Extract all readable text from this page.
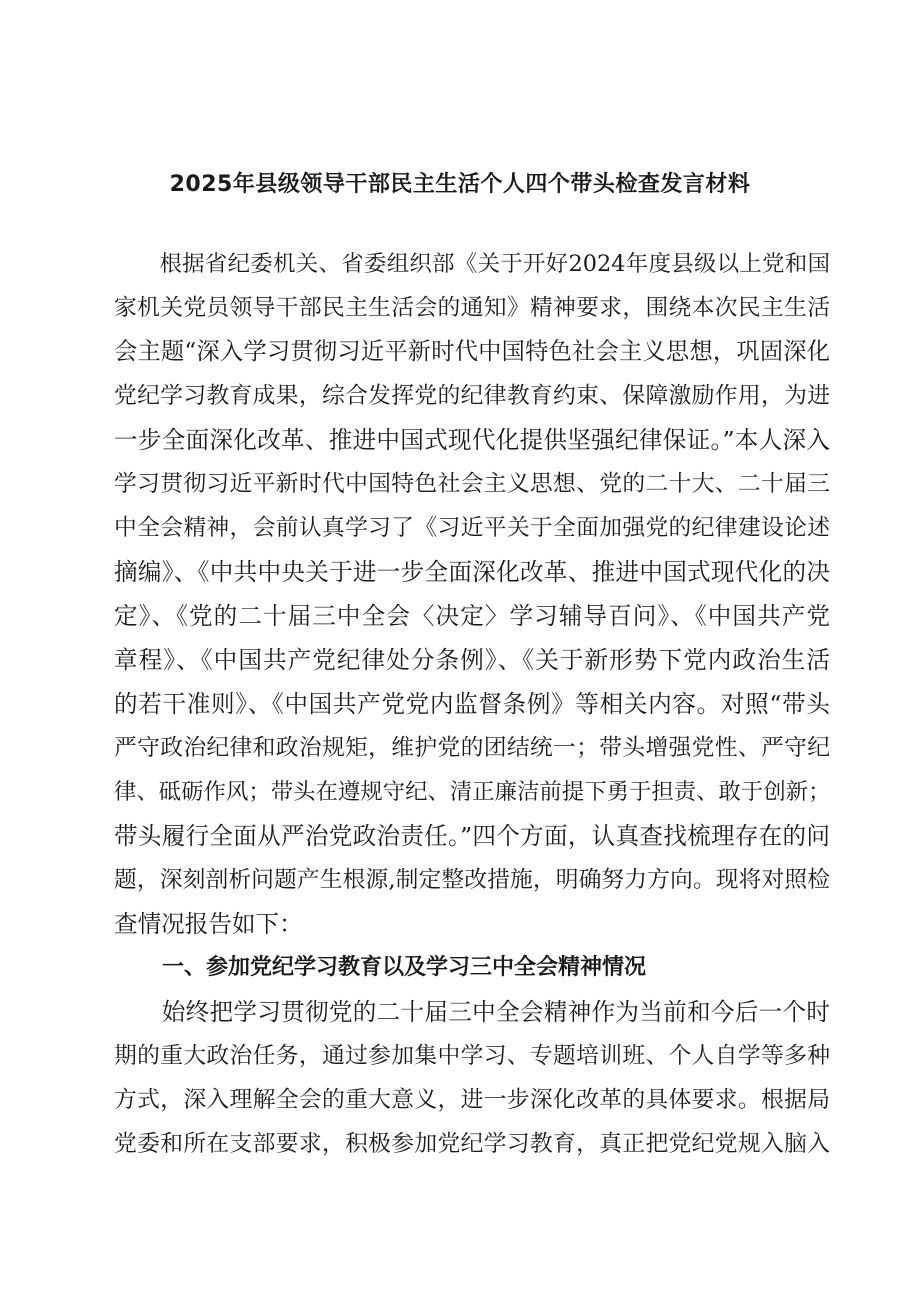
2025年县级领导干部民主生活个人四个带头检查发言材料
　　根据省纪委机关、省委组织部《关于开好2024年度县级以上党和国
家机关党员领导干部民主生活会的通知》精神要求，围绕本次民主生活
会主题“深入学习贯彻习近平新时代中国特色社会主义思想，巩固深化
党纪学习教育成果，综合发挥党的纪律教育约束、保障激励作用，为进
一步全面深化改革、推进中国式现代化提供坚强纪律保证。”本人深入
学习贯彻习近平新时代中国特色社会主义思想、党的二十大、二十届三
中全会精神，会前认真学习了《习近平关于全面加强党的纪律建设论述
摘编》、《中共中央关于进一步全面深化改革、推进中国式现代化的决
定》、《党的二十届三中全会〈决定〉学习辅导百问》、《中国共产党
章程》、《中国共产党纪律处分条例》、《关于新形势下党内政治生活
的若干准则》、《中国共产党党内监督条例》等相关内容。对照“带头
严守政治纪律和政治规矩，维护党的团结统一；带头增强党性、严守纪
律、砥砺作风；带头在遵规守纪、清正廉洁前提下勇于担责、敢于创新；
带头履行全面从严治党政治责任。”四个方面，认真查找梳理存在的问
题，深刻剖析问题产生根源,制定整改措施，明确努力方向。现将对照检
查情况报告如下：
一、参加党纪学习教育以及学习三中全会精神情况
　　始终把学习贯彻党的二十届三中全会精神作为当前和今后一个时
期的重大政治任务，通过参加集中学习、专题培训班、个人自学等多种
方式，深入理解全会的重大意义，进一步深化改革的具体要求。根据局
党委和所在支部要求，积极参加党纪学习教育，真正把党纪党规入脑入
